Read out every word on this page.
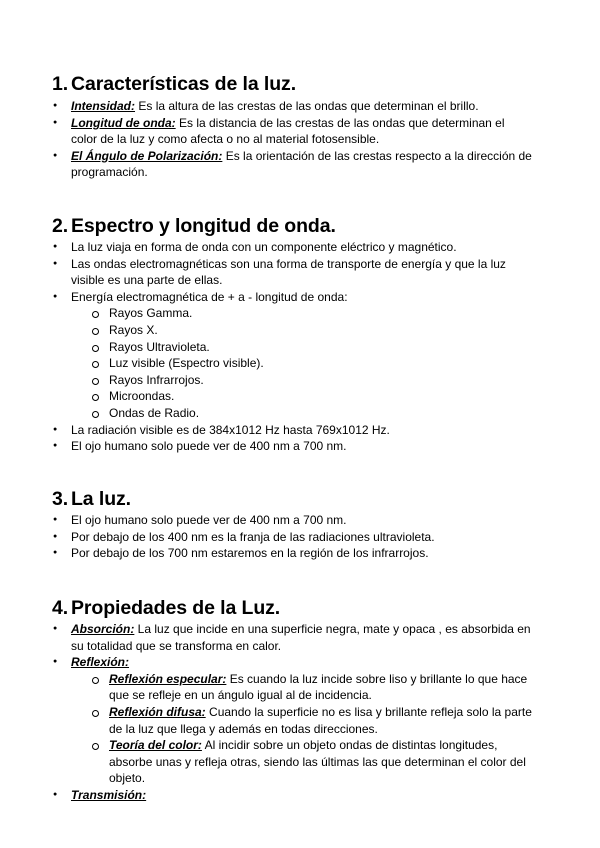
1. Características de la luz.
● Intensidad: Es la altura de las crestas de las ondas que determinan el brillo.
● Longitud de onda: Es la distancia de las crestas de las ondas que determinan el color de la luz y como afecta o no al material fotosensible.
● El Ángulo de Polarización: Es la orientación de las crestas respecto a la dirección de programación.
2. Espectro y longitud de onda.
● La luz viaja en forma de onda con un componente eléctrico y magnético.
● Las ondas electromagnéticas son una forma de transporte de energía y que la luz visible es una parte de ellas.
● Energía electromagnética de + a - longitud de onda:
Rayos Gamma.
Rayos X.
Rayos Ultravioleta.
Luz visible (Espectro visible).
Rayos Infrarrojos.
Microondas.
Ondas de Radio.
● La radiación visible es de 384x1012 Hz hasta 769x1012 Hz.
● El ojo humano solo puede ver de 400 nm a 700 nm.
3. La luz.
● El ojo humano solo puede ver de 400 nm a 700 nm.
● Por debajo de los 400 nm es la franja de las radiaciones ultravioleta.
● Por debajo de los 700 nm estaremos en la región de los infrarrojos.
4. Propiedades de la Luz.
● Absorción: La luz que incide en una superficie negra, mate y opaca , es absorbida en su totalidad que se transforma en calor.
● Reflexión:
Reflexión especular: Es cuando la luz incide sobre liso y brillante lo que hace que se refleje en un ángulo igual al de incidencia.
Reflexión difusa: Cuando la superficie no es lisa y brillante refleja solo la parte de la luz que llega y además en todas direcciones.
Teoría del color: Al incidir sobre un objeto ondas de distintas longitudes, absorbe unas y refleja otras, siendo las últimas las que determinan el color del objeto.
● Transmisión:
